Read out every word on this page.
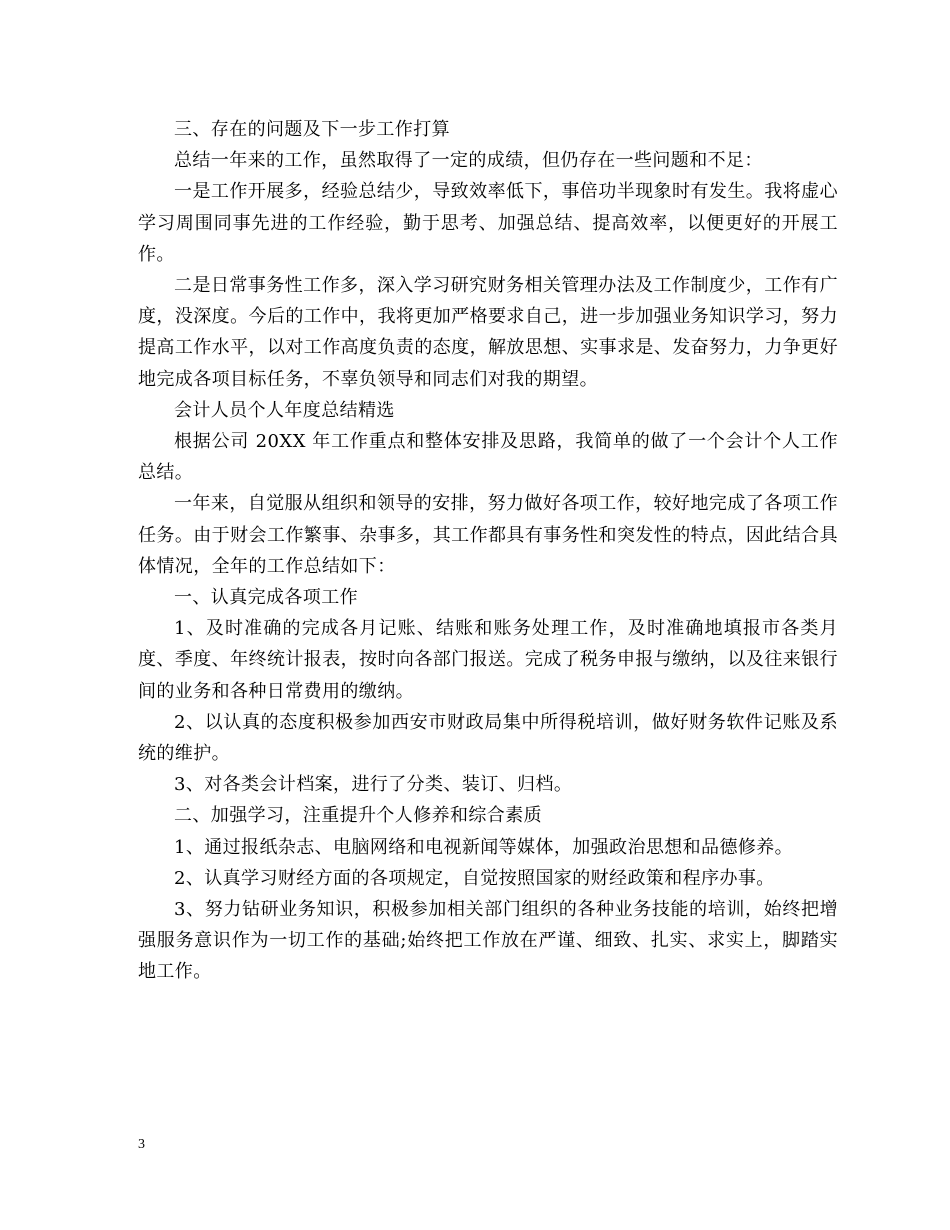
三、存在的问题及下一步工作打算

总结一年来的工作，虽然取得了一定的成绩，但仍存在一些问题和不足：

一是工作开展多，经验总结少，导致效率低下，事倍功半现象时有发生。我将虚心学习周围同事先进的工作经验，勤于思考、加强总结、提高效率，以便更好的开展工作。

二是日常事务性工作多，深入学习研究财务相关管理办法及工作制度少，工作有广度，没深度。今后的工作中，我将更加严格要求自己，进一步加强业务知识学习，努力提高工作水平，以对工作高度负责的态度，解放思想、实事求是、发奋努力，力争更好地完成各项目标任务，不辜负领导和同志们对我的期望。

会计人员个人年度总结精选

根据公司 20XX 年工作重点和整体安排及思路，我简单的做了一个会计个人工作总结。

一年来，自觉服从组织和领导的安排，努力做好各项工作，较好地完成了各项工作任务。由于财会工作繁事、杂事多，其工作都具有事务性和突发性的特点，因此结合具体情况，全年的工作总结如下：

一、认真完成各项工作

1、及时准确的完成各月记账、结账和账务处理工作，及时准确地填报市各类月度、季度、年终统计报表，按时向各部门报送。完成了税务申报与缴纳，以及往来银行间的业务和各种日常费用的缴纳。

2、以认真的态度积极参加西安市财政局集中所得税培训，做好财务软件记账及系统的维护。

3、对各类会计档案，进行了分类、装订、归档。

二、加强学习，注重提升个人修养和综合素质

1、通过报纸杂志、电脑网络和电视新闻等媒体，加强政治思想和品德修养。

2、认真学习财经方面的各项规定，自觉按照国家的财经政策和程序办事。

3、努力钻研业务知识，积极参加相关部门组织的各种业务技能的培训，始终把增强服务意识作为一切工作的基础;始终把工作放在严谨、细致、扎实、求实上，脚踏实地工作。

3
